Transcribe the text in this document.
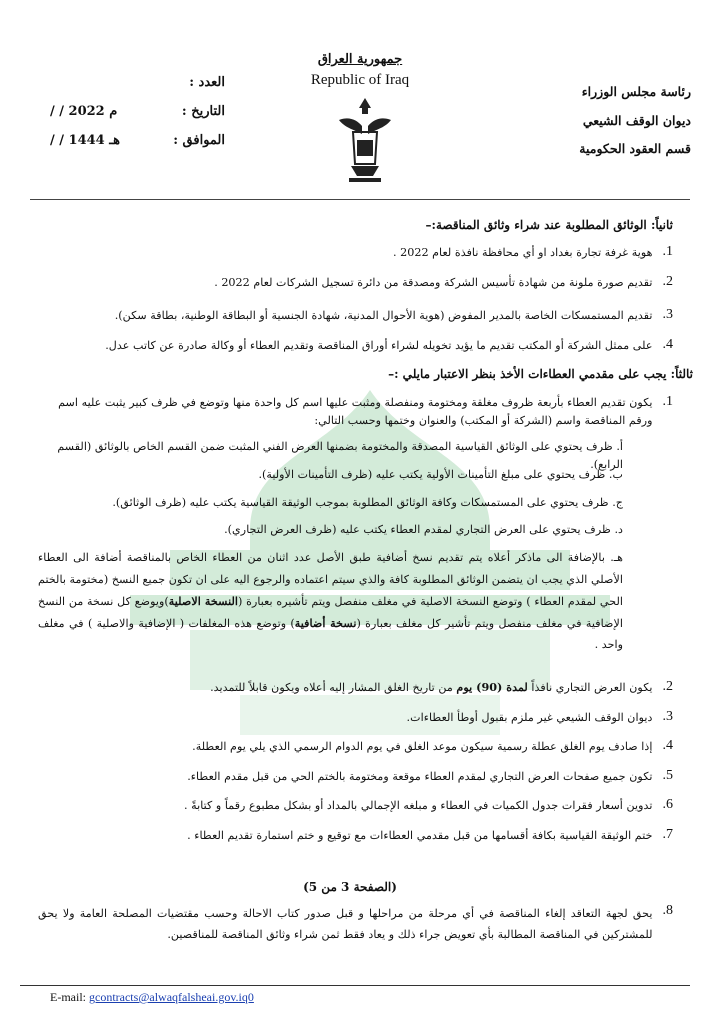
رئاسة مجلس الوزراء
ديوان الوقف الشيعي
قسم العقود الحكومية
جمهورية العراق
Republic of Iraq
العدد :
التاريخ :
/ / 2022 م
الموافق :
/ / 1444 هـ
ثانياً: الوثائق المطلوبة عند شراء وثائق المناقصة:–
1.
هوية غرفة تجارة بغداد او أي محافظة نافذة لعام 2022 .
2.
تقديم صورة ملونة من شهادة تأسيس الشركة ومصدقة من دائرة تسجيل الشركات لعام 2022 .
3.
تقديم المستمسكات الخاصة بالمدير المفوض (هوية الأحوال المدنية، شهادة الجنسية أو البطاقة الوطنية، بطاقة سكن).
4.
على ممثل الشركة أو المكتب تقديم ما يؤيد تخويله لشراء أوراق المناقصة وتقديم العطاء أو وكالة صادرة عن كاتب عدل.
ثالثاً: يجب على مقدمي العطاءات الأخذ بنظر الاعتبار مايلي :–
1.
يكون تقديم العطاء بأربعة ظروف مغلقة ومختومة ومنفصلة ومثبت عليها اسم كل واحدة منها وتوضع في ظرف كبير يثبت عليه اسم ورقم المناقصة واسم (الشركة أو المكتب) والعنوان وختمها وحسب التالي:
أ. ظرف يحتوي على الوثائق القياسية المصدقة والمختومة بضمنها العرض الفني المثبت ضمن القسم الخاص بالوثائق (القسم الرابع).
ب. ظرف يحتوي على مبلغ التأمينات الأولية يكتب عليه (ظرف التأمينات الأولية).
ج. ظرف يحتوي على المستمسكات وكافة الوثائق المطلوبة بموجب الوثيقة القياسية يكتب عليه (ظرف الوثائق).
د. ظرف يحتوي على العرض التجاري لمقدم العطاء يكتب عليه (ظرف العرض التجاري).
هـ. بالإضافة الى ماذكر أعلاه يتم تقديم نسخ أضافية طبق الأصل عدد اثنان من العطاء الخاص بالمناقصة أضافة الى العطاء الأصلي الذي يجب ان يتضمن الوثائق المطلوبة كافة والذي سيتم اعتماده والرجوع اليه على ان تكون جميع النسخ (مختومة بالختم الحي لمقدم العطاء ) وتوضع النسخة الاصلية في مغلف منفصل ويتم تأشيره بعبارة (النسخة الاصلية)ويوضع كل نسخة من النسخ الإضافية في مغلف منفصل ويتم تأشير كل مغلف بعبارة (نسخة أضافية) وتوضع هذه المغلفات ( الإضافية والاصلية ) في مغلف واحد .
2.
يكون العرض التجاري نافذاً لمدة (90) يوم من تاريخ الغلق المشار إليه أعلاه ويكون قابلاً للتمديد.
3.
ديوان الوقف الشيعي غير ملزم بقبول أوطأ العطاءات.
4.
إذا صادف يوم الغلق عطلة رسمية سيكون موعد الغلق في يوم الدوام الرسمي الذي يلي يوم العطلة.
5.
تكون جميع صفحات العرض التجاري لمقدم العطاء موقعة ومختومة بالختم الحي من قبل مقدم العطاء.
6.
تدوين أسعار فقرات جدول الكميات في العطاء و مبلغه الإجمالي بالمداد أو بشكل مطبوع رقماً و كتابةً .
7.
ختم الوثيقة القياسية بكافة أقسامها من قبل مقدمي العطاءات مع توقيع و ختم استمارة تقديم العطاء .
(الصفحة 3 من 5)
8.
يحق لجهة التعاقد إلغاء المناقصة في أي مرحلة من مراحلها و قبل صدور كتاب الاحالة وحسب مقتضيات المصلحة العامة ولا يحق للمشتركين في المناقصة المطالبة بأي تعويض جراء ذلك و يعاد فقط ثمن شراء وثائق المناقصة للمناقصين.
E-mail: gcontracts@alwaqfalsheai.gov.iq0
